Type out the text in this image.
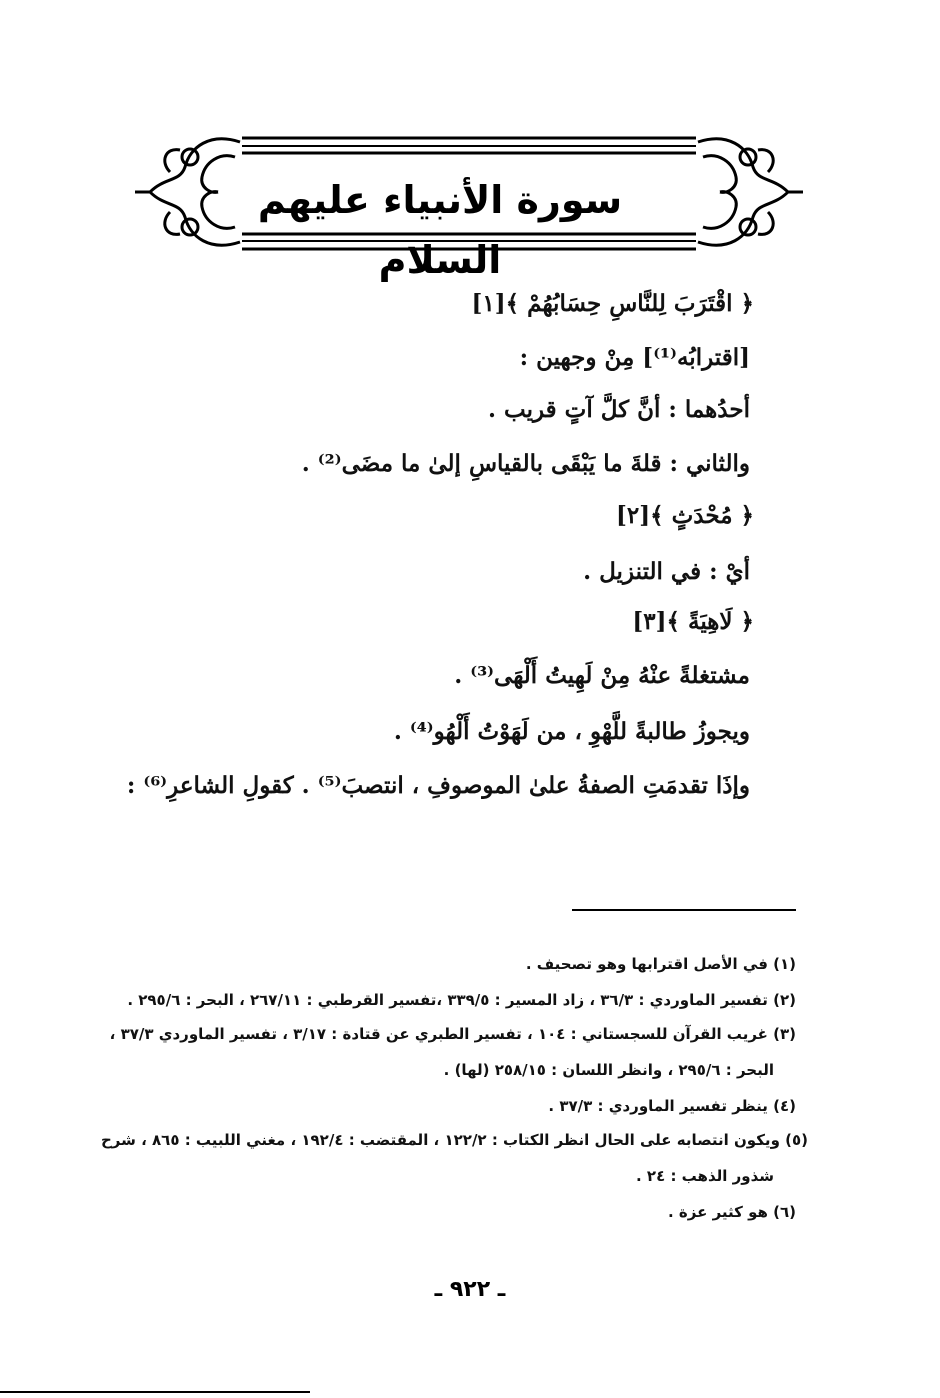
سورة الأنبياء عليهم السلام
﴿ اقْتَرَبَ لِلنَّاسِ حِسَابُهُمْ ﴾[١]
[اقترابُه⁽¹⁾] مِنْ وجهين :
أحدُهما : أنَّ كلَّ آتٍ قريب .
والثاني : قلةَ ما يَبْقَى بالقياسِ إلىٰ ما مضَى⁽²⁾ .
﴿ مُحْدَثٍ ﴾[٢]
أيْ : في التنزيل .
﴿ لَاهِيَةً ﴾[٣]
مشتغلةً عنْهُ مِنْ لَهِيتُ أَلْهَى⁽³⁾ .
ويجوزُ طالبةً للَّهْوِ ، من لَهَوْتُ أَلْهُو⁽⁴⁾ .
وإذَا تقدمَتِ الصفةُ علىٰ الموصوفِ ، انتصبَ⁽⁵⁾ . كقولِ الشاعرِ⁽⁶⁾ :
(١) في الأصل اقترابها وهو تصحيف .
(٢) تفسير الماوردي : ٣٦/٣ ، زاد المسير : ٣٣٩/٥ ،تفسير القرطبي : ٢٦٧/١١ ، البحر : ٢٩٥/٦ .
(٣) غريب القرآن للسجستاني : ١٠٤ ، تفسير الطبري عن قتادة : ٣/١٧ ، تفسير الماوردي ٣٧/٣ ،
البحر : ٢٩٥/٦ ، وانظر اللسان : ٢٥٨/١٥ (لها) .
(٤) ينظر تفسير الماوردي : ٣٧/٣ .
(٥) ويكون انتصابه على الحال انظر الكتاب : ١٢٢/٢ ، المقتضب : ١٩٢/٤ ، مغني اللبيب : ٨٦٥ ، شرح
شذور الذهب : ٢٤ .
(٦) هو كثير عزة .
ـ ٩٢٢ ـ
